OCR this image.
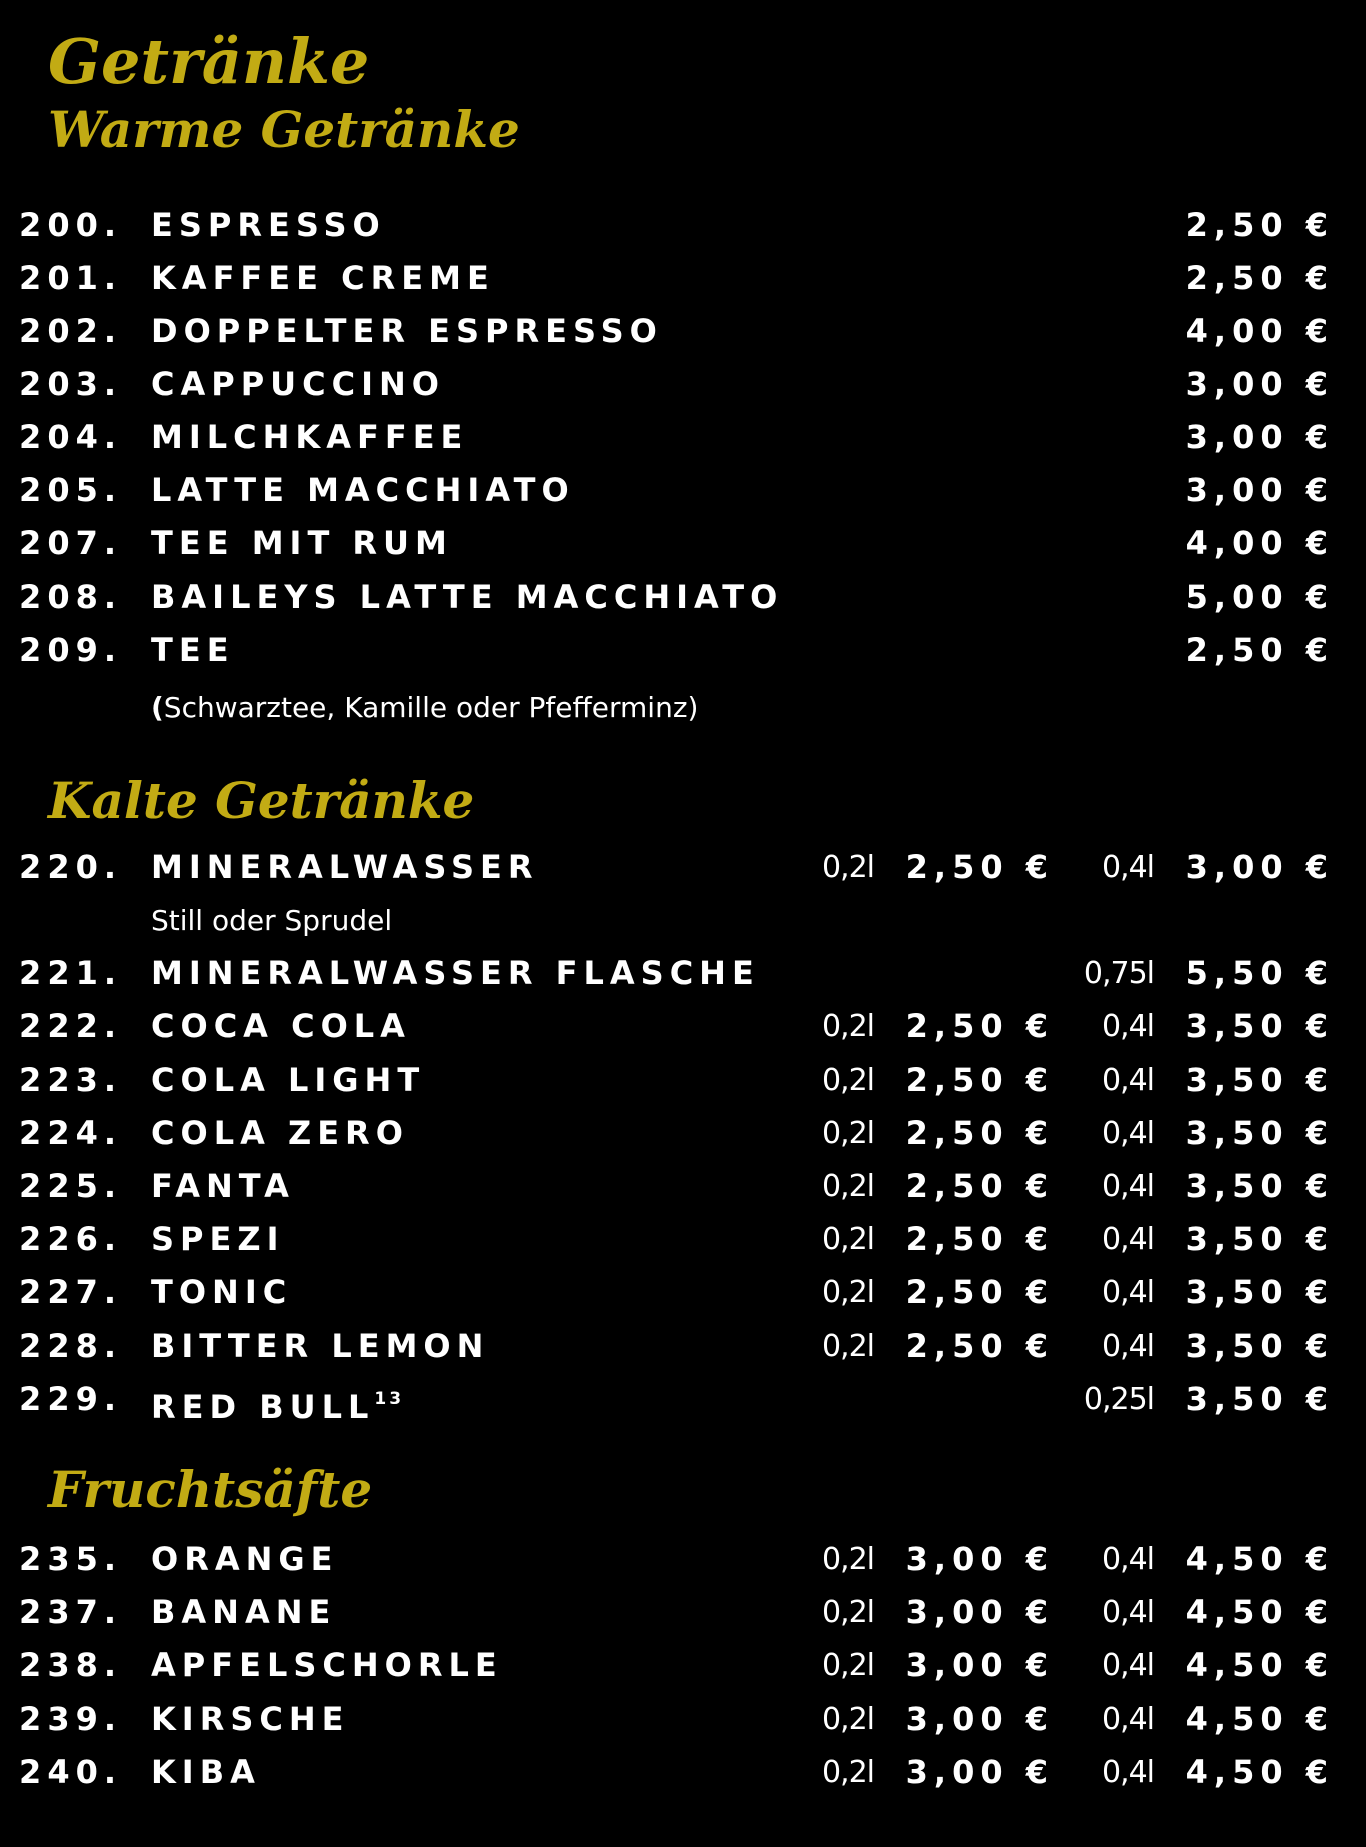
Getränke
Warme Getränke
200. ESPRESSO	2,50 €
201. KAFFEE CREME	2,50 €
202. DOPPELTER ESPRESSO	4,00 €
203. CAPPUCCINO	3,00 €
204. MILCHKAFFEE	3,00 €
205. LATTE MACCHIATO	3,00 €
207. TEE MIT RUM	4,00 €
208. BAILEYS LATTE MACCHIATO	5,00 €
209. TEE	2,50 €
(Schwarztee, Kamille oder Pfefferminz)
Kalte Getränke
220. MINERALWASSER	0,2l 2,50 € 0,4l 3,00 €
Still oder Sprudel
221. MINERALWASSER FLASCHE	0,75l 5,50 €
222. COCA COLA	0,2l 2,50 € 0,4l 3,50 €
223. COLA LIGHT	0,2l 2,50 € 0,4l 3,50 €
224. COLA ZERO	0,2l 2,50 € 0,4l 3,50 €
225. FANTA	0,2l 2,50 € 0,4l 3,50 €
226. SPEZI	0,2l 2,50 € 0,4l 3,50 €
227. TONIC	0,2l 2,50 € 0,4l 3,50 €
228. BITTER LEMON	0,2l 2,50 € 0,4l 3,50 €
229. RED BULL$^{13}$	0,25l 3,50 €
Fruchtsäfte
235. ORANGE	0,2l 3,00 € 0,4l 4,50 €
237. BANANE	0,2l 3,00 € 0,4l 4,50 €
238. APFELSCHORLE	0,2l 3,00 € 0,4l 4,50 €
239. KIRSCHE	0,2l 3,00 € 0,4l 4,50 €
240. KIBA	0,2l 3,00 € 0,4l 4,50 €
